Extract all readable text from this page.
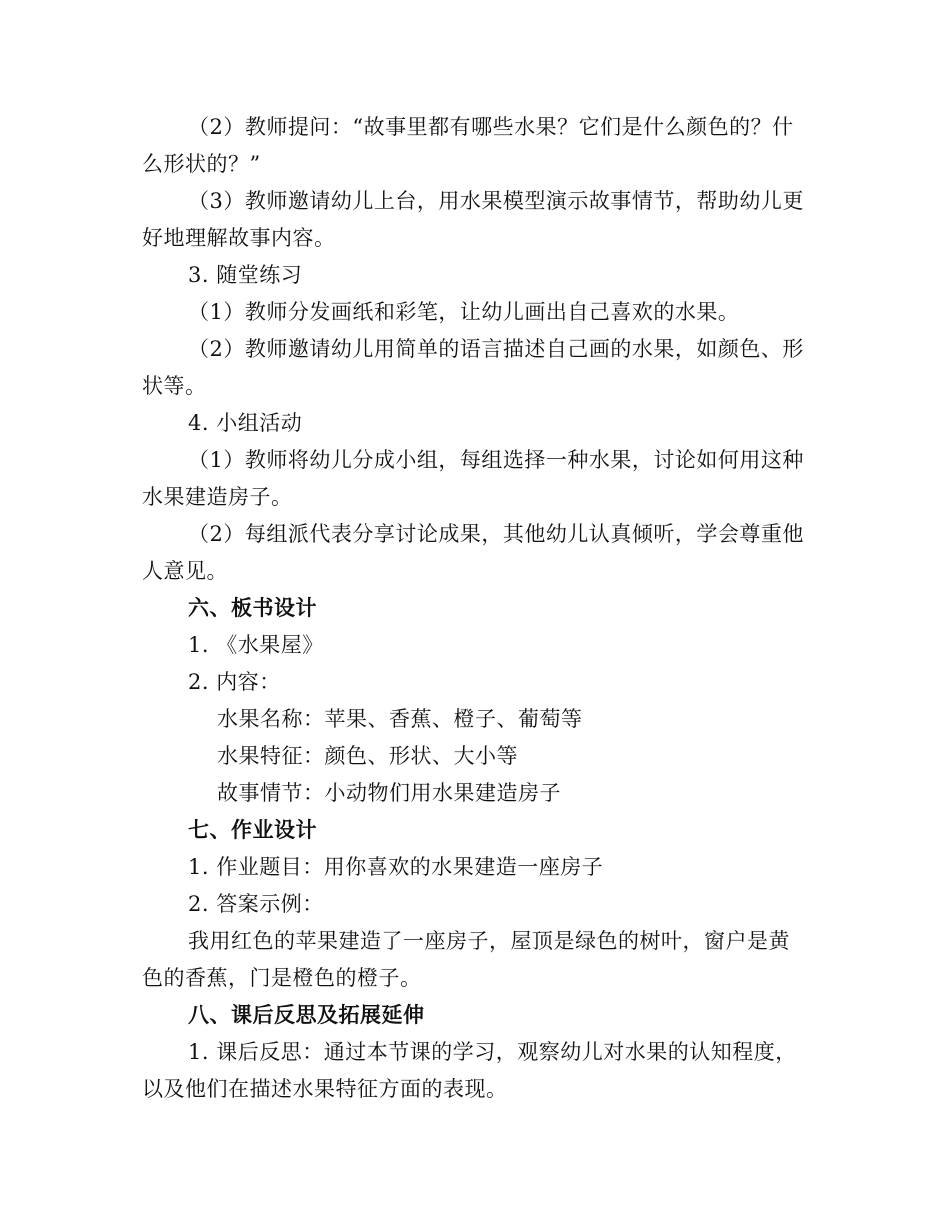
（2）教师提问：“故事里都有哪些水果？它们是什么颜色的？什
么形状的？”
（3）教师邀请幼儿上台，用水果模型演示故事情节，帮助幼儿更
好地理解故事内容。
3. 随堂练习
（1）教师分发画纸和彩笔，让幼儿画出自己喜欢的水果。
（2）教师邀请幼儿用简单的语言描述自己画的水果，如颜色、形
状等。
4. 小组活动
（1）教师将幼儿分成小组，每组选择一种水果，讨论如何用这种
水果建造房子。
（2）每组派代表分享讨论成果，其他幼儿认真倾听，学会尊重他
人意见。
六、板书设计
1. 《水果屋》
2. 内容：
水果名称：苹果、香蕉、橙子、葡萄等
水果特征：颜色、形状、大小等
故事情节：小动物们用水果建造房子
七、作业设计
1. 作业题目：用你喜欢的水果建造一座房子
2. 答案示例：
我用红色的苹果建造了一座房子，屋顶是绿色的树叶，窗户是黄
色的香蕉，门是橙色的橙子。
八、课后反思及拓展延伸
1. 课后反思：通过本节课的学习，观察幼儿对水果的认知程度，
以及他们在描述水果特征方面的表现。
